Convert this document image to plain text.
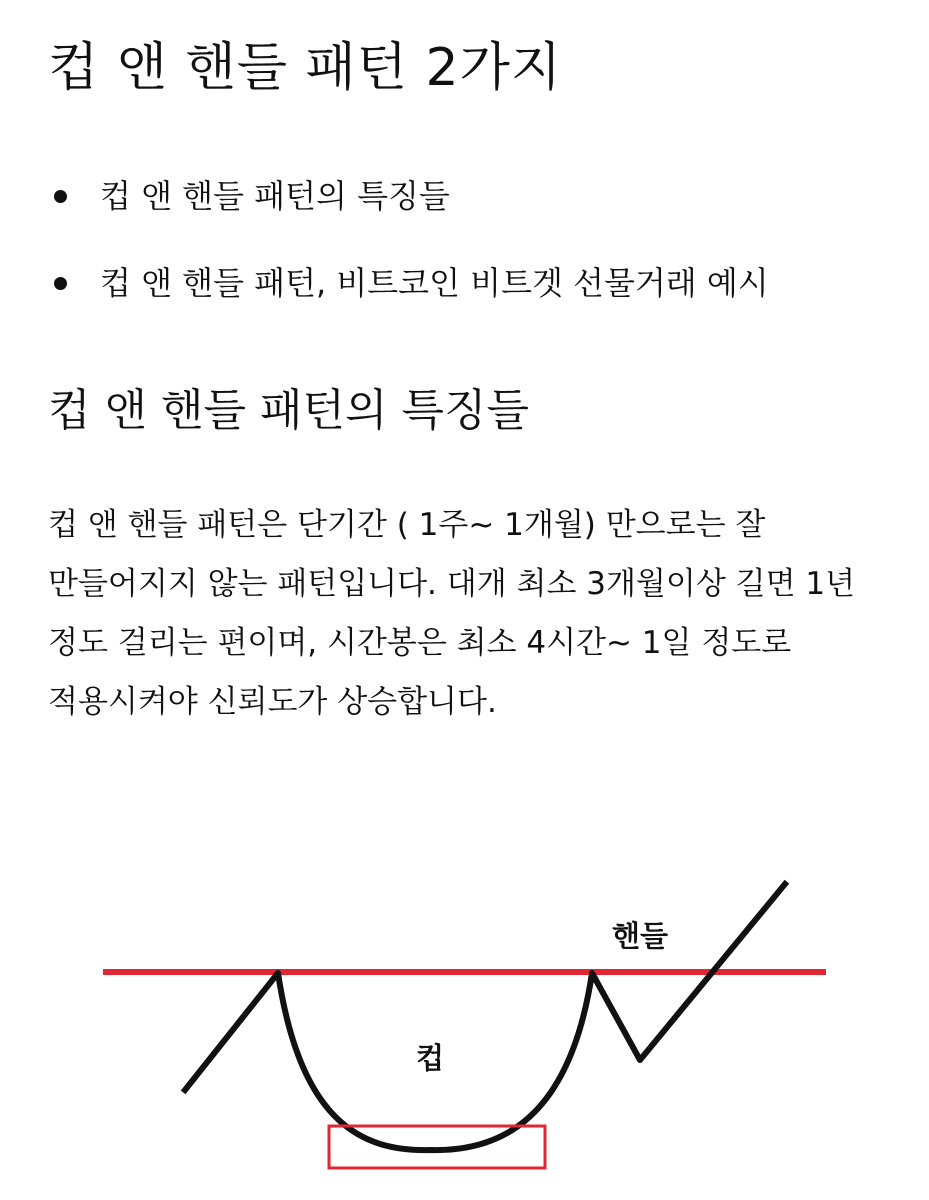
컵 앤 핸들 패턴 2가지
컵 앤 핸들 패턴의 특징들
컵 앤 핸들 패턴, 비트코인 비트겟 선물거래 예시
컵 앤 핸들 패턴의 특징들

컵 앤 핸들 패턴은 단기간 ( 1주~ 1개월) 만으로는 잘 만들어지지 않는 패턴입니다. 대개 최소 3개월이상 길면 1년 정도 걸리는 편이며, 시간봉은 최소 4시간~ 1일 정도로 적용시켜야 신뢰도가 상승합니다.

핸들
컵
